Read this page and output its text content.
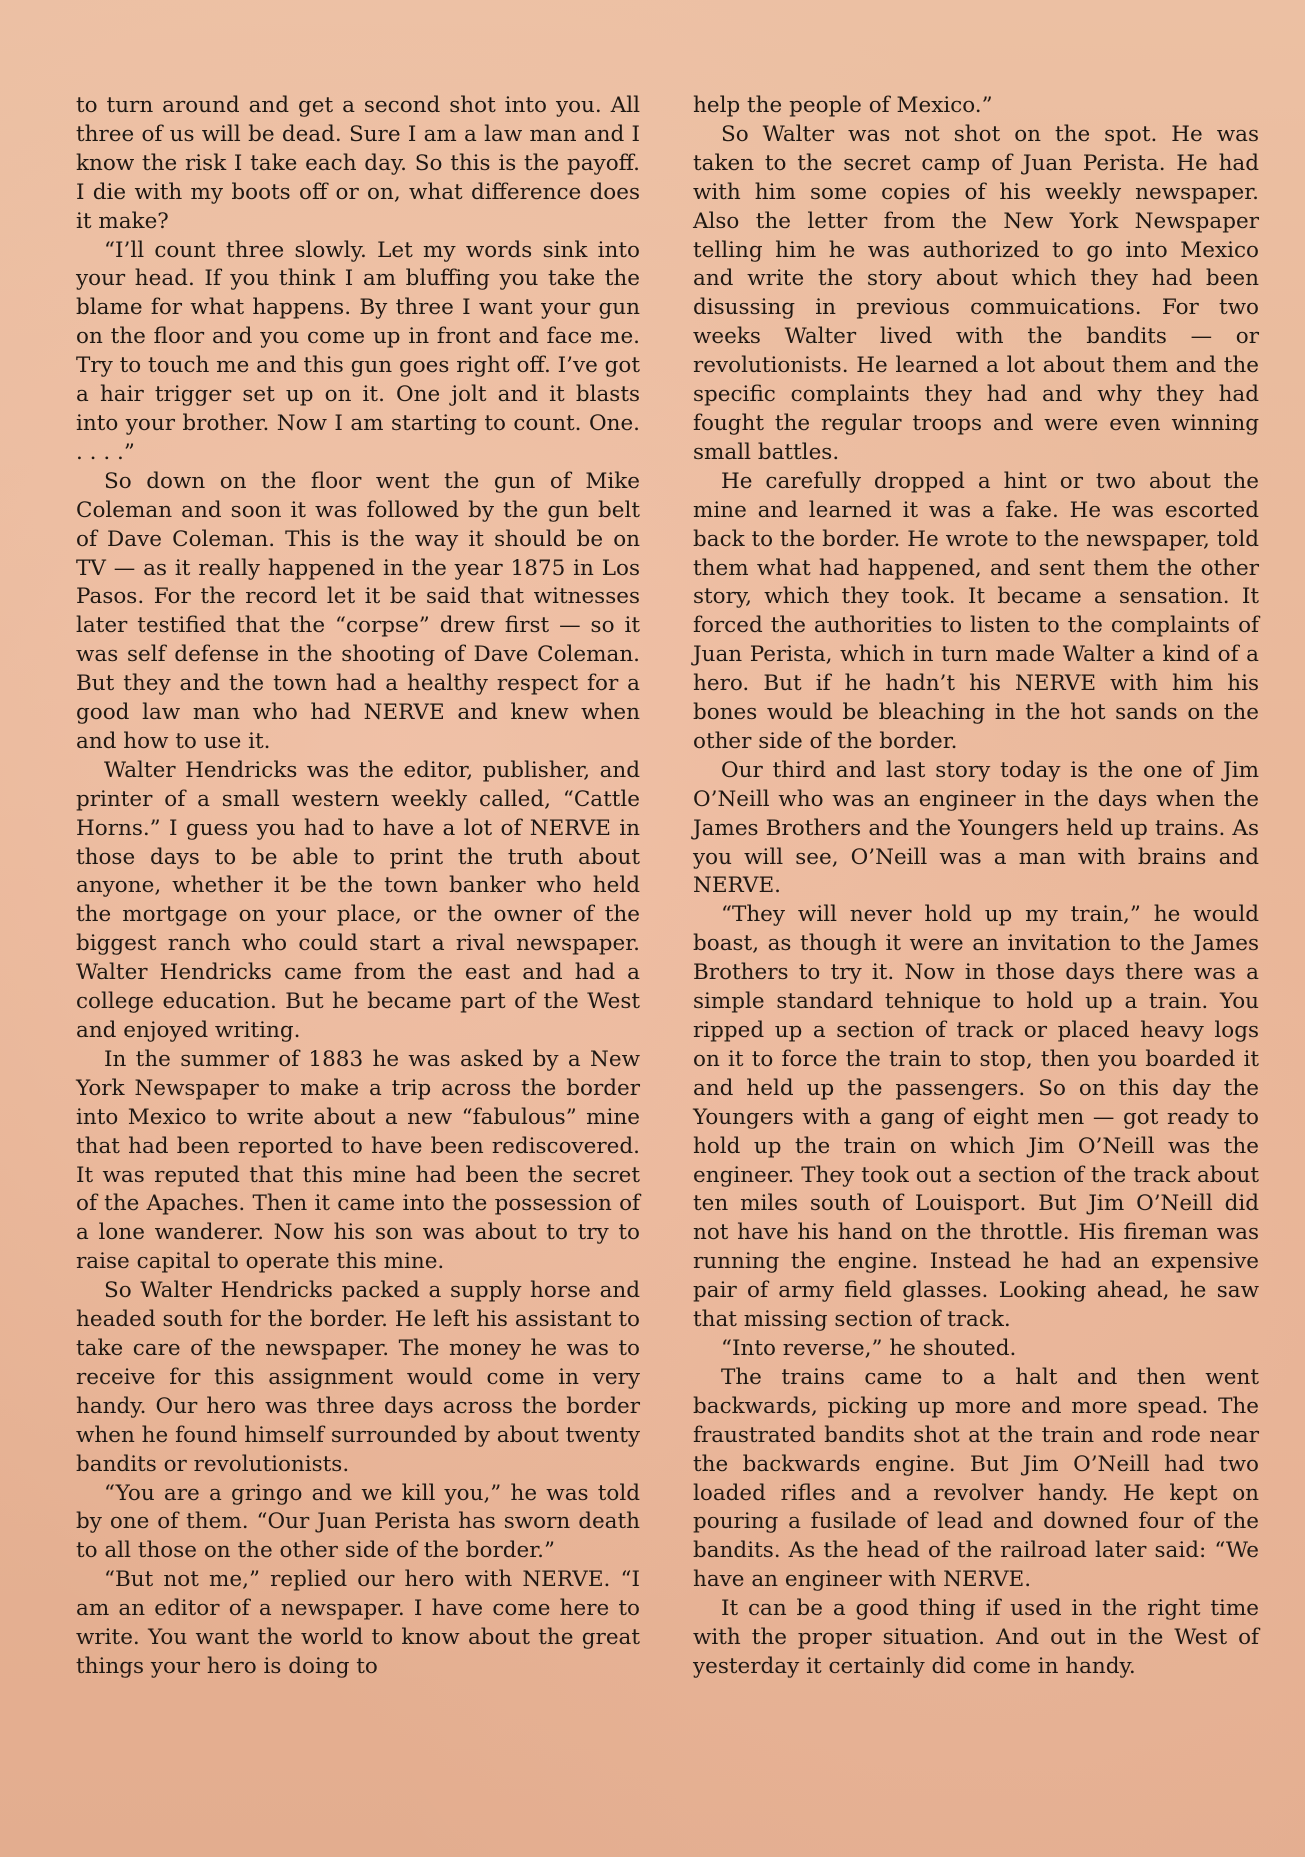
to turn around and get a second shot into you. All three of us will be dead. Sure I am a law man and I know the risk I take each day. So this is the payoff. I die with my boots off or on, what difference does it make?

“I’ll count three slowly. Let my words sink into your head. If you think I am bluffing you take the blame for what happens. By three I want your gun on the floor and you come up in front and face me. Try to touch me and this gun goes right off. I’ve got a hair trigger set up on it. One jolt and it blasts into your brother. Now I am starting to count. One. . . . .”

So down on the floor went the gun of Mike Coleman and soon it was followed by the gun belt of Dave Coleman. This is the way it should be on TV — as it really happened in the year 1875 in Los Pasos. For the record let it be said that witnesses later testified that the “corpse” drew first — so it was self defense in the shooting of Dave Coleman. But they and the town had a healthy respect for a good law man who had NERVE and knew when and how to use it.

Walter Hendricks was the editor, publisher, and printer of a small western weekly called, “Cattle Horns.” I guess you had to have a lot of NERVE in those days to be able to print the truth about anyone, whether it be the town banker who held the mortgage on your place, or the owner of the biggest ranch who could start a rival newspaper. Walter Hendricks came from the east and had a college education. But he became part of the West and enjoyed writing.

In the summer of 1883 he was asked by a New York Newspaper to make a trip across the border into Mexico to write about a new “fabulous” mine that had been reported to have been rediscovered. It was reputed that this mine had been the secret of the Apaches. Then it came into the possession of a lone wanderer. Now his son was about to try to raise capital to operate this mine.

So Walter Hendricks packed a supply horse and headed south for the border. He left his assistant to take care of the newspaper. The money he was to receive for this assignment would come in very handy. Our hero was three days across the border when he found himself surrounded by about twenty bandits or revolutionists.

“You are a gringo and we kill you,” he was told by one of them. “Our Juan Perista has sworn death to all those on the other side of the border.”

“But not me,” replied our hero with NERVE. “I am an editor of a newspaper. I have come here to write. You want the world to know about the great things your hero is doing to

help the people of Mexico.”

So Walter was not shot on the spot. He was taken to the secret camp of Juan Perista. He had with him some copies of his weekly newspaper. Also the letter from the New York Newspaper telling him he was authorized to go into Mexico and write the story about which they had been disussing in previous commuications. For two weeks Walter lived with the bandits — or revolutionists. He learned a lot about them and the specific complaints they had and why they had fought the regular troops and were even winning small battles.

He carefully dropped a hint or two about the mine and learned it was a fake. He was escorted back to the border. He wrote to the newspaper, told them what had happened, and sent them the other story, which they took. It became a sensation. It forced the authorities to listen to the complaints of Juan Perista, which in turn made Walter a kind of a hero. But if he hadn’t his NERVE with him his bones would be bleaching in the hot sands on the other side of the border.

Our third and last story today is the one of Jim O’Neill who was an engineer in the days when the James Brothers and the Youngers held up trains. As you will see, O’Neill was a man with brains and NERVE.

“They will never hold up my train,” he would boast, as though it were an invitation to the James Brothers to try it. Now in those days there was a simple standard tehnique to hold up a train. You ripped up a section of track or placed heavy logs on it to force the train to stop, then you boarded it and held up the passengers. So on this day the Youngers with a gang of eight men — got ready to hold up the train on which Jim O’Neill was the engineer. They took out a section of the track about ten miles south of Louisport. But Jim O’Neill did not have his hand on the throttle. His fireman was running the engine. Instead he had an expensive pair of army field glasses. Looking ahead, he saw that missing section of track.

“Into reverse,” he shouted.

The trains came to a halt and then went backwards, picking up more and more spead. The fraustrated bandits shot at the train and rode near the backwards engine. But Jim O’Neill had two loaded rifles and a revolver handy. He kept on pouring a fusilade of lead and downed four of the bandits. As the head of the railroad later said: “We have an engineer with NERVE.

It can be a good thing if used in the right time with the proper situation. And out in the West of yesterday it certainly did come in handy.
